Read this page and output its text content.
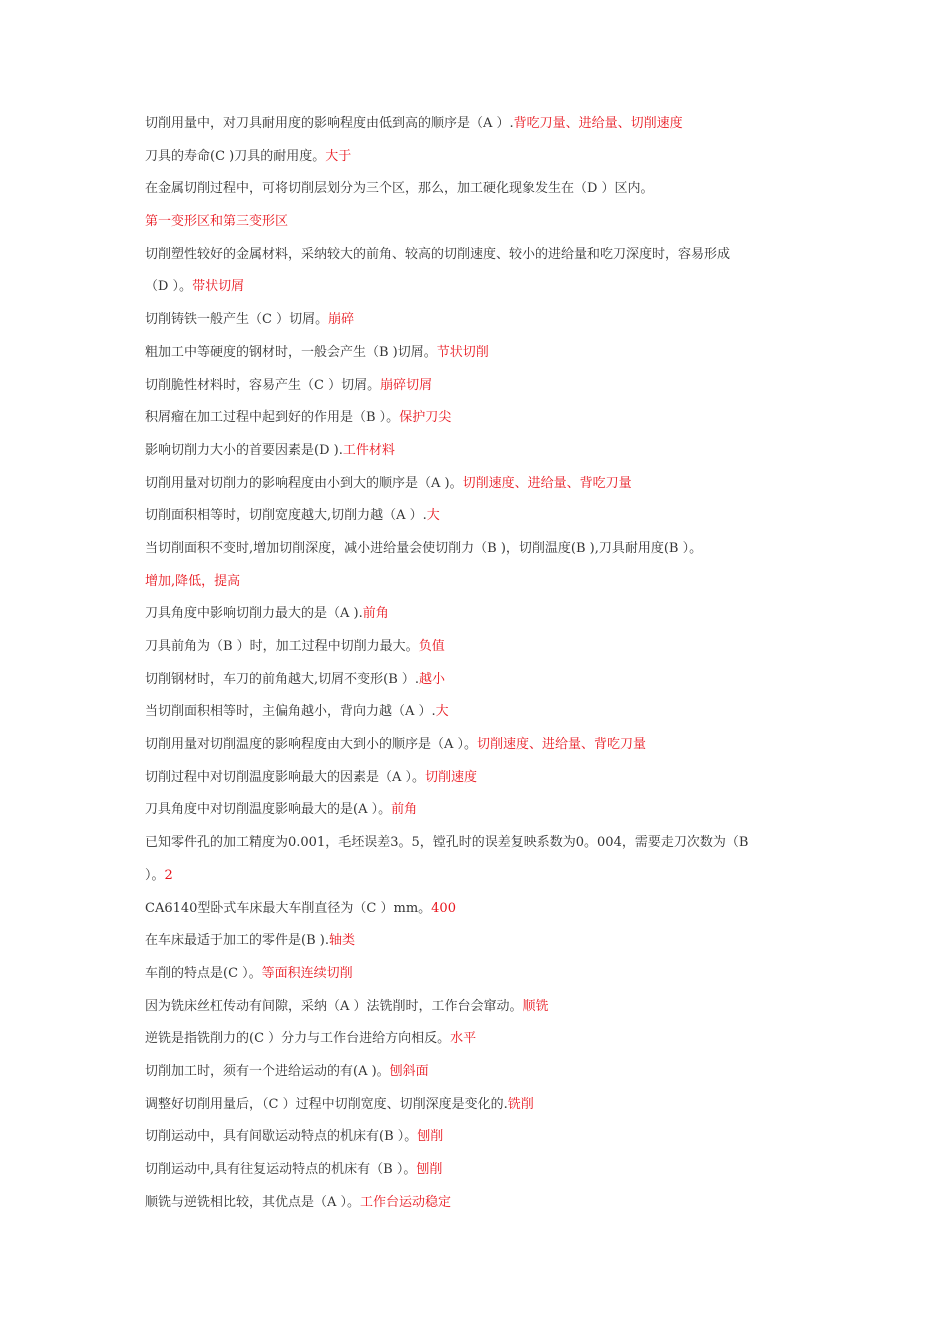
切削用量中，对刀具耐用度的影响程度由低到高的顺序是（A ）.背吃刀量、进给量、切削速度
刀具的寿命(C )刀具的耐用度。大于
在金属切削过程中，可将切削层划分为三个区，那么，加工硬化现象发生在（D ）区内。
第一变形区和第三变形区
切削塑性较好的金属材料，采纳较大的前角、较高的切削速度、较小的进给量和吃刀深度时，容易形成
（D ）。带状切屑
切削铸铁一般产生（C ）切屑。崩碎
粗加工中等硬度的钢材时，一般会产生（B )切屑。节状切削
切削脆性材料时，容易产生（C ）切屑。崩碎切屑
积屑瘤在加工过程中起到好的作用是（B ）。保护刀尖
影响切削力大小的首要因素是(D ).工件材料
切削用量对切削力的影响程度由小到大的顺序是（A )。切削速度、进给量、背吃刀量
切削面积相等时，切削宽度越大,切削力越（A ）.大
当切削面积不变时,增加切削深度，减小进给量会使切削力（B )，切削温度(B ),刀具耐用度(B ）。
增加,降低，提高
刀具角度中影响切削力最大的是（A ).前角
刀具前角为（B ）时，加工过程中切削力最大。负值
切削钢材时，车刀的前角越大,切屑不变形(B ）.越小
当切削面积相等时，主偏角越小，背向力越（A ）.大
切削用量对切削温度的影响程度由大到小的顺序是（A ）。切削速度、进给量、背吃刀量
切削过程中对切削温度影响最大的因素是（A ）。切削速度
刀具角度中对切削温度影响最大的是(A ）。前角
已知零件孔的加工精度为0.001，毛坯误差3。5，镗孔时的误差复映系数为0。004，需要走刀次数为（B
）。2
CA6140型卧式车床最大车削直径为（C ）mm。400
在车床最适于加工的零件是(B ).轴类
车削的特点是(C ）。等面积连续切削
因为铣床丝杠传动有间隙，采纳（A ）法铣削时，工作台会窜动。顺铣
逆铣是指铣削力的(C ）分力与工作台进给方向相反。水平
切削加工时，须有一个进给运动的有(A )。刨斜面
调整好切削用量后，（C ）过程中切削宽度、切削深度是变化的.铣削
切削运动中，具有间歇运动特点的机床有(B ）。刨削
切削运动中,具有往复运动特点的机床有（B ）。刨削
顺铣与逆铣相比较，其优点是（A ）。工作台运动稳定
